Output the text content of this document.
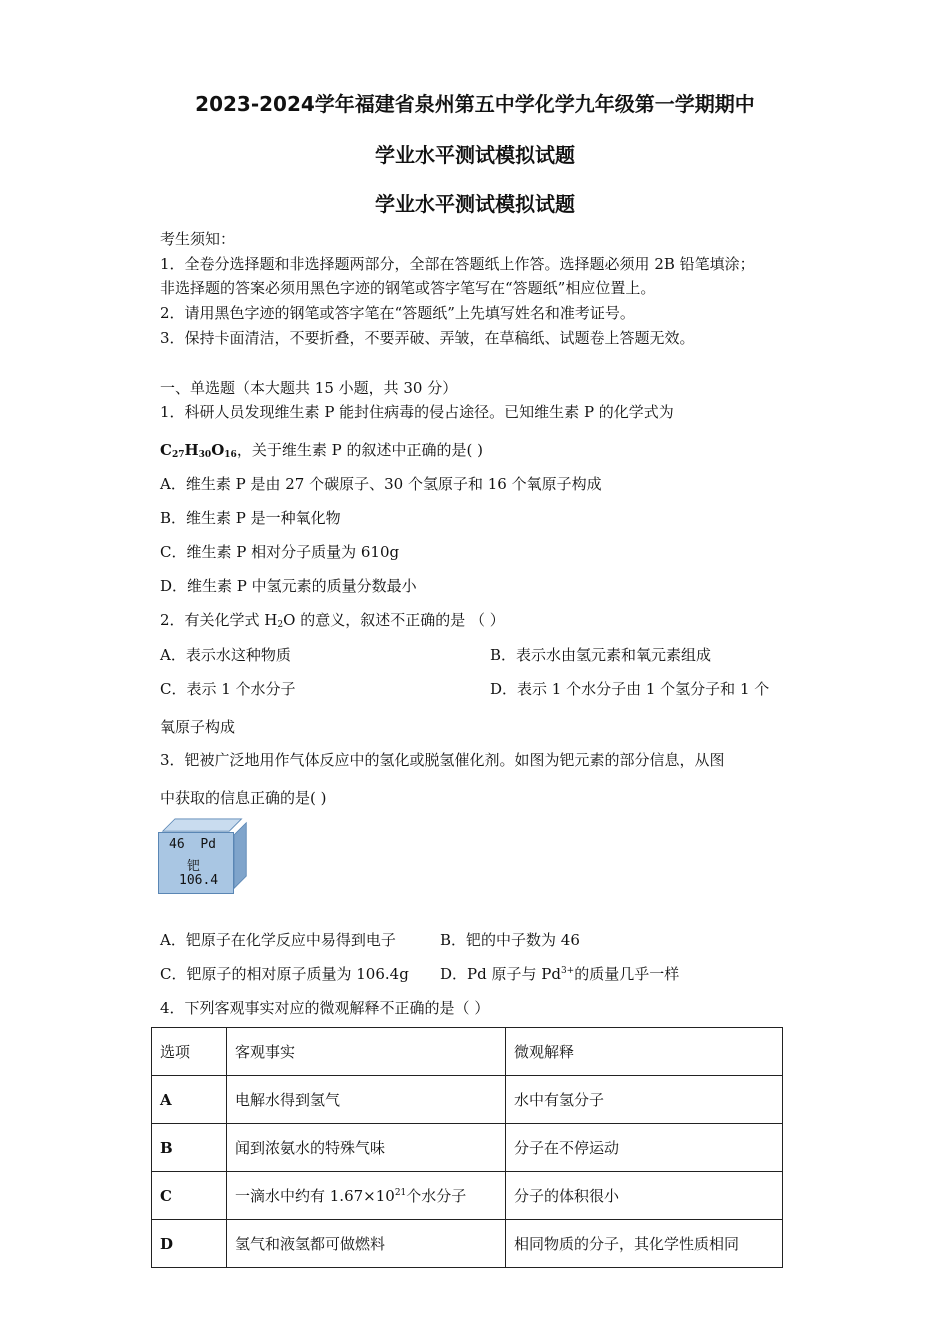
2023-2024学年福建省泉州第五中学化学九年级第一学期期中
学业水平测试模拟试题
学业水平测试模拟试题
考生须知：
1．全卷分选择题和非选择题两部分，全部在答题纸上作答。选择题必须用 2B 铅笔填涂；
非选择题的答案必须用黑色字迹的钢笔或答字笔写在“答题纸”相应位置上。
2．请用黑色字迹的钢笔或答字笔在“答题纸”上先填写姓名和准考证号。
3．保持卡面清洁，不要折叠，不要弄破、弄皱，在草稿纸、试题卷上答题无效。
一、单选题（本大题共 15 小题，共 30 分）
1．科研人员发现维生素 P 能封住病毒的侵占途径。已知维生素 P 的化学式为
$C_{27}H_{30}O_{16}$，关于维生素 P 的叙述中正确的是( )
A．维生素 P 是由 27 个碳原子、30 个氢原子和 16 个氧原子构成
B．维生素 P 是一种氧化物
C．维生素 P 相对分子质量为 610g
D．维生素 P 中氢元素的质量分数最小
2．有关化学式 $H_2O$ 的意义，叙述不正确的是 （ ）
A．表示水这种物质	B．表示水由氢元素和氧元素组成
C．表示 1 个水分子	D．表示 1 个水分子由 1 个氢分子和 1 个
氧原子构成
3．钯被广泛地用作气体反应中的氢化或脱氢催化剂。如图为钯元素的部分信息，从图
中获取的信息正确的是( )
46 Pd
钯
106.4
A．钯原子在化学反应中易得到电子	B．钯的中子数为 46
C．钯原子的相对原子质量为 106.4g D．Pd 原子与 $Pd^{3+}$的质量几乎一样
4．下列客观事实对应的微观解释不正确的是（ ）
选项	客观事实	微观解释
A	电解水得到氢气	水中有氢分子
B	闻到浓氨水的特殊气味	分子在不停运动
C	一滴水中约有 $1.67\times 10^{21}$个水分子	分子的体积很小
D	氢气和液氢都可做燃料	相同物质的分子，其化学性质相同
